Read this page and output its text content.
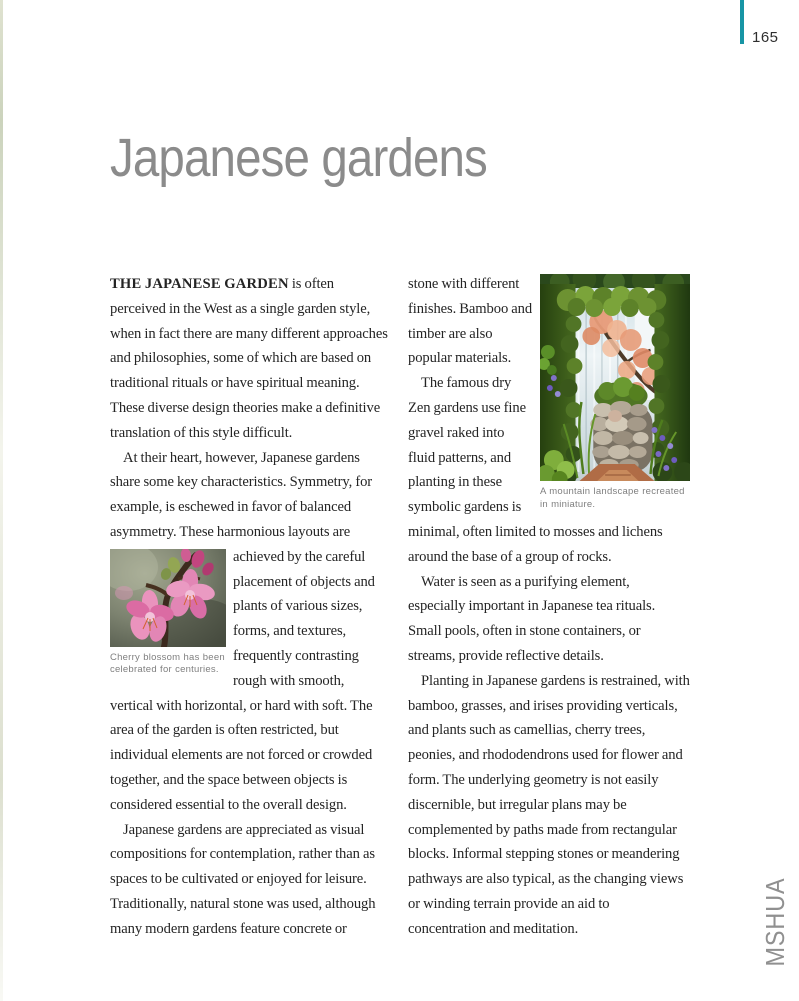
165
Japanese gardens

THE JAPANESE GARDEN is often perceived in the West as a single garden style, when in fact there are many different approaches and philosophies, some of which are based on traditional rituals or have spiritual meaning. These diverse design theories make a definitive translation of this style difficult.

At their heart, however, Japanese gardens share some key characteristics. Symmetry, for example, is eschewed in favor of balanced asymmetry. These harmonious layouts are

Cherry blossom has been celebrated for centuries.

achieved by the careful placement of objects and plants of various sizes, forms, and textures, frequently contrasting rough with smooth,

vertical with horizontal, or hard with soft. The area of the garden is often restricted, but individual elements are not forced or crowded together, and the space between objects is considered essential to the overall design.

Japanese gardens are appreciated as visual compositions for contemplation, rather than as spaces to be cultivated or enjoyed for leisure. Traditionally, natural stone was used, although many modern gardens feature concrete or

A mountain landscape recreated in miniature.

stone with different finishes. Bamboo and timber are also popular materials.

The famous dry Zen gardens use fine gravel raked into fluid patterns, and planting in these symbolic gardens is minimal, often limited to mosses and lichens around the base of a group of rocks.

Water is seen as a purifying element, especially important in Japanese tea rituals. Small pools, often in stone containers, or streams, provide reflective details.

Planting in Japanese gardens is restrained, with bamboo, grasses, and irises providing verticals, and plants such as camellias, cherry trees, peonies, and rhododendrons used for flower and form. The underlying geometry is not easily discernible, but irregular plans may be complemented by paths made from rectangular blocks. Informal stepping stones or meandering pathways are also typical, as the changing views or winding terrain provide an aid to concentration and meditation.	MSHUA
